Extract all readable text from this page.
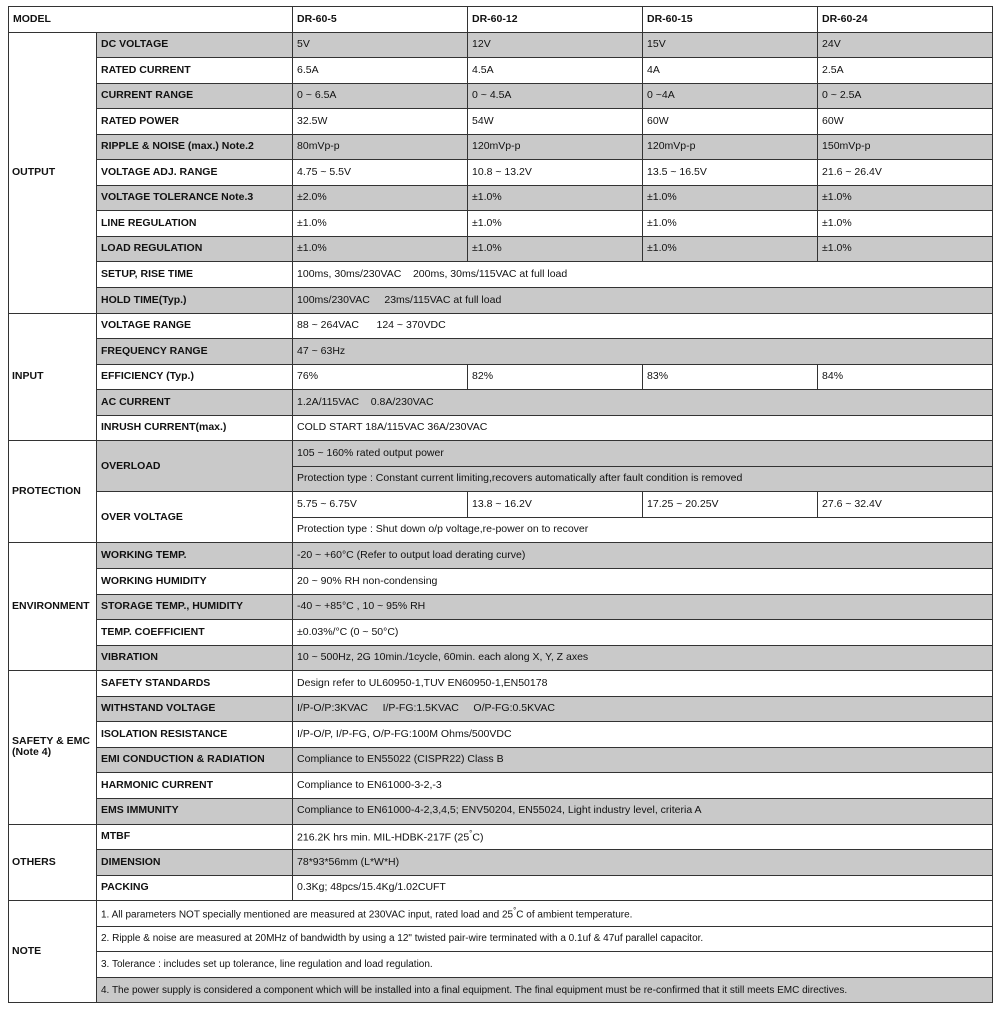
MODEL		DR-60-5	DR-60-12	DR-60-15	DR-60-24
OUTPUT	DC VOLTAGE	5V	12V	15V	24V
	RATED CURRENT	6.5A	4.5A	4A	2.5A
	CURRENT RANGE	0 ~ 6.5A	0 ~ 4.5A	0 ~4A	0 ~ 2.5A
	RATED POWER	32.5W	54W	60W	60W
	RIPPLE & NOISE (max.) Note.2	80mVp-p	120mVp-p	120mVp-p	150mVp-p
	VOLTAGE ADJ. RANGE	4.75 ~ 5.5V	10.8 ~ 13.2V	13.5 ~ 16.5V	21.6 ~ 26.4V
	VOLTAGE TOLERANCE Note.3	±2.0%	±1.0%	±1.0%	±1.0%
	LINE REGULATION	±1.0%	±1.0%	±1.0%	±1.0%
	LOAD REGULATION	±1.0%	±1.0%	±1.0%	±1.0%
	SETUP, RISE TIME	100ms, 30ms/230VAC    200ms, 30ms/115VAC at full load			
	HOLD TIME(Typ.)	100ms/230VAC     23ms/115VAC at full load			
INPUT	VOLTAGE RANGE	88 ~ 264VAC      124 ~ 370VDC			
	FREQUENCY RANGE	47 ~ 63Hz			
	EFFICIENCY (Typ.)	76%	82%	83%	84%
	AC CURRENT	1.2A/115VAC    0.8A/230VAC			
	INRUSH CURRENT(max.)	COLD START 18A/115VAC 36A/230VAC			
PROTECTION	OVERLOAD	105 ~ 160% rated output power			
		Protection type : Constant current limiting,recovers automatically after fault condition is removed			
	OVER VOLTAGE	5.75 ~ 6.75V	13.8 ~ 16.2V	17.25 ~ 20.25V	27.6 ~ 32.4V
		Protection type : Shut down o/p voltage,re-power on to recover			
ENVIRONMENT	WORKING TEMP.	-20 ~ +60°C (Refer to output load derating curve)			
	WORKING HUMIDITY	20 ~ 90% RH non-condensing			
	STORAGE TEMP., HUMIDITY	-40 ~ +85°C , 10 ~ 95% RH			
	TEMP. COEFFICIENT	±0.03%/°C (0 ~ 50°C)			
	VIBRATION	10 ~ 500Hz, 2G 10min./1cycle, 60min. each along X, Y, Z axes			
SAFETY & EMC
(Note 4)	SAFETY STANDARDS	Design refer to UL60950-1,TUV EN60950-1,EN50178			
	WITHSTAND VOLTAGE	I/P-O/P:3KVAC     I/P-FG:1.5KVAC     O/P-FG:0.5KVAC			
	ISOLATION RESISTANCE	I/P-O/P, I/P-FG, O/P-FG:100M Ohms/500VDC			
	EMI CONDUCTION & RADIATION	Compliance to EN55022 (CISPR22) Class B			
	HARMONIC CURRENT	Compliance to EN61000-3-2,-3			
	EMS IMMUNITY	Compliance to EN61000-4-2,3,4,5; ENV50204, EN55024, Light industry level, criteria A			
OTHERS	MTBF	216.2K hrs min. MIL-HDBK-217F (25°C)			
	DIMENSION	78*93*56mm (L*W*H)			
	PACKING	0.3Kg; 48pcs/15.4Kg/1.02CUFT			
NOTE	1. All parameters NOT specially mentioned are measured at 230VAC input, rated load and 25°C of ambient temperature.				
	2. Ripple & noise are measured at 20MHz of bandwidth by using a 12" twisted pair-wire terminated with a 0.1uf & 47uf parallel capacitor.				
	3. Tolerance : includes set up tolerance, line regulation and load regulation.				
	4. The power supply is considered a component which will be installed into a final equipment. The final equipment must be re-confirmed that it still meets EMC directives.				
